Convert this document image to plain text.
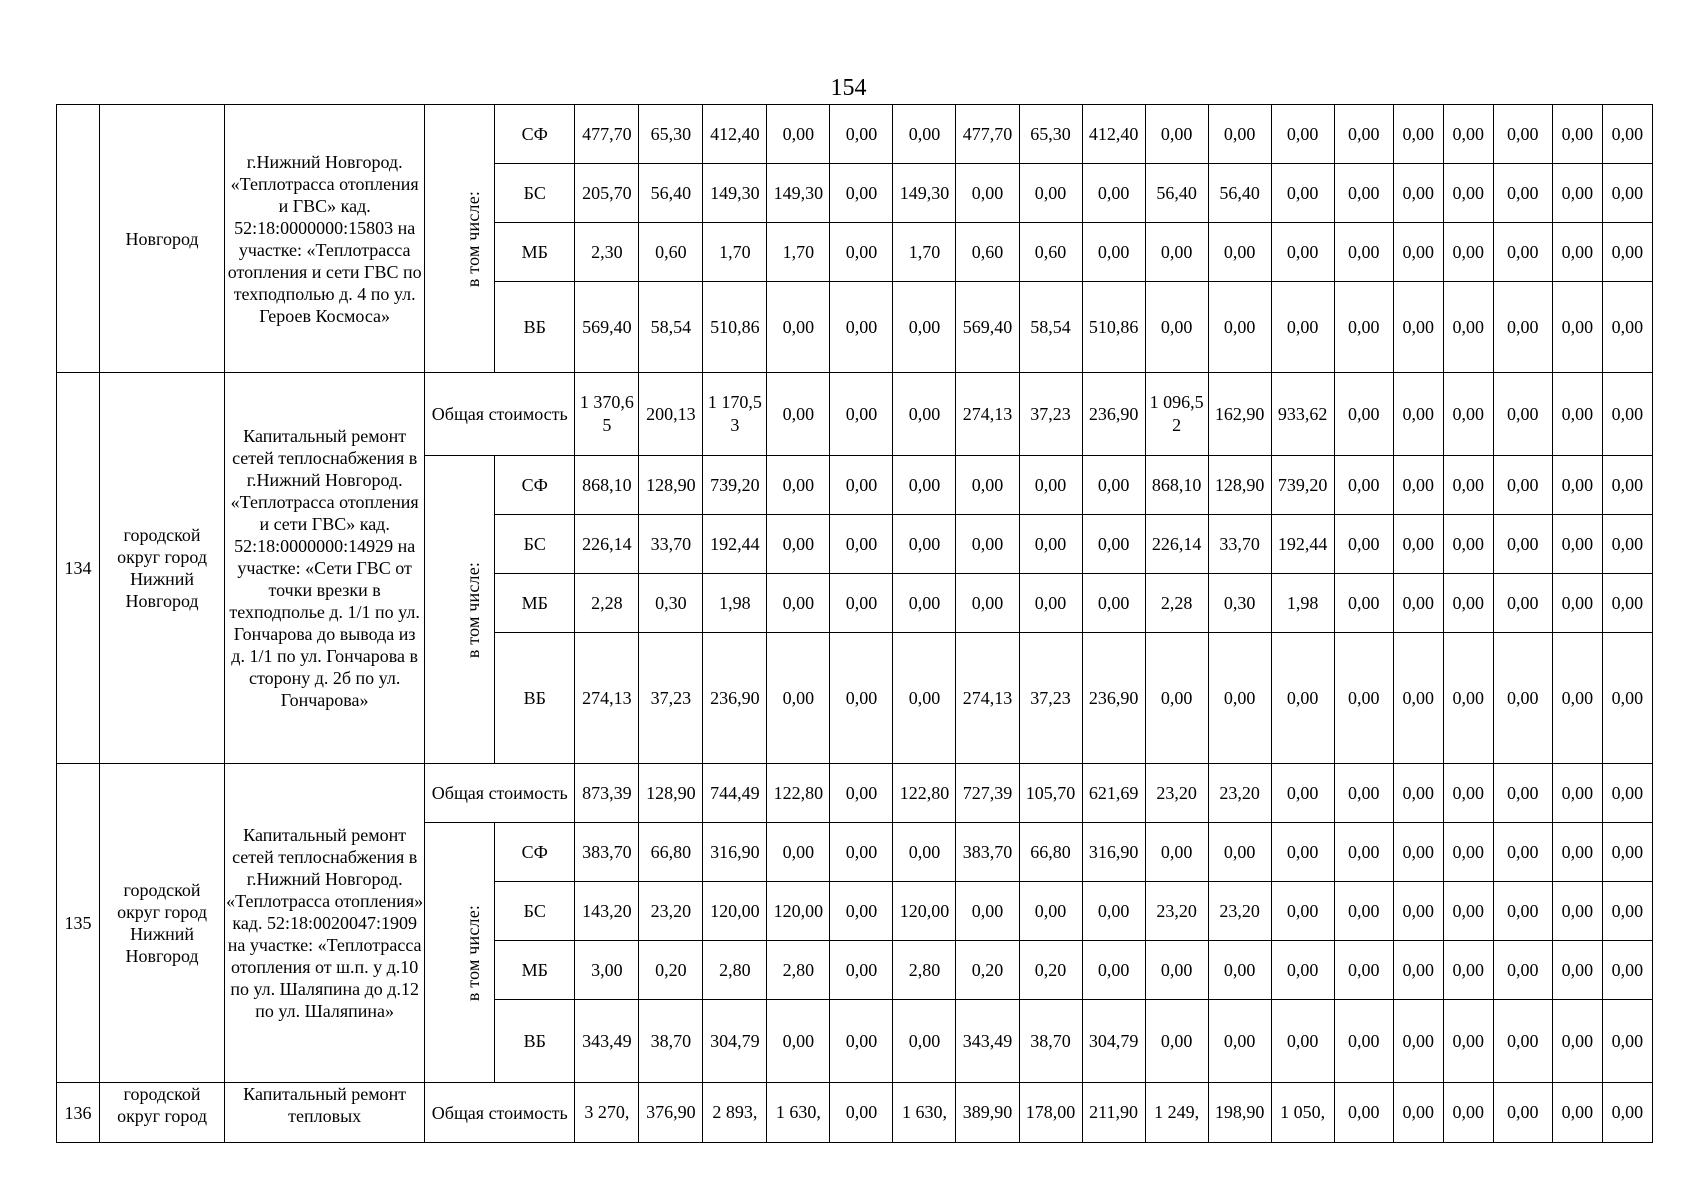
154
	Новгород	г.Нижний Новгород. «Теплотрасса отопления и ГВС» кад. 52:18:0000000:15803 на участке: «Теплотрасса отопления и сети ГВС по техподполью д. 4 по ул. Героев Космоса»	в том числе:	СФ	477,70	65,30	412,40	0,00	0,00	0,00	477,70	65,30	412,40	0,00	0,00	0,00	0,00	0,00	0,00	0,00	0,00	0,00

				БС	205,70	56,40	149,30	149,30	0,00	149,30	0,00	0,00	0,00	56,40	56,40	0,00	0,00	0,00	0,00	0,00	0,00	0,00

				МБ	2,30	0,60	1,70	1,70	0,00	1,70	0,60	0,60	0,00	0,00	0,00	0,00	0,00	0,00	0,00	0,00	0,00	0,00

				ВБ	569,40	58,54	510,86	0,00	0,00	0,00	569,40	58,54	510,86	0,00	0,00	0,00	0,00	0,00	0,00	0,00	0,00	0,00

134	городской округ город Нижний Новгород	Капитальный ремонт сетей теплоснабжения в г.Нижний Новгород. «Теплотрасса отопления и сети ГВС» кад. 52:18:0000000:14929 на участке: «Сети ГВС от точки врезки в техподполье д. 1/1 по ул. Гончарова до вывода из д. 1/1 по ул. Гончарова в сторону д. 2б по ул. Гончарова»	Общая стоимость		1 370,65	200,13	1 170,53	0,00	0,00	0,00	274,13	37,23	236,90	1 096,52	162,90	933,62	0,00	0,00	0,00	0,00	0,00	0,00

			в том числе:	СФ	868,10	128,90	739,20	0,00	0,00	0,00	0,00	0,00	0,00	868,10	128,90	739,20	0,00	0,00	0,00	0,00	0,00	0,00

				БС	226,14	33,70	192,44	0,00	0,00	0,00	0,00	0,00	0,00	226,14	33,70	192,44	0,00	0,00	0,00	0,00	0,00	0,00

				МБ	2,28	0,30	1,98	0,00	0,00	0,00	0,00	0,00	0,00	2,28	0,30	1,98	0,00	0,00	0,00	0,00	0,00	0,00

				ВБ	274,13	37,23	236,90	0,00	0,00	0,00	274,13	37,23	236,90	0,00	0,00	0,00	0,00	0,00	0,00	0,00	0,00	0,00

135	городской округ город Нижний Новгород	Капитальный ремонт сетей теплоснабжения в г.Нижний Новгород. «Теплотрасса отопления» кад. 52:18:0020047:1909 на участке: «Теплотрасса отопления от ш.п. у д.10 по ул. Шаляпина до д.12 по ул. Шаляпина»	Общая стоимость		873,39	128,90	744,49	122,80	0,00	122,80	727,39	105,70	621,69	23,20	23,20	0,00	0,00	0,00	0,00	0,00	0,00	0,00

			в том числе:	СФ	383,70	66,80	316,90	0,00	0,00	0,00	383,70	66,80	316,90	0,00	0,00	0,00	0,00	0,00	0,00	0,00	0,00	0,00

				БС	143,20	23,20	120,00	120,00	0,00	120,00	0,00	0,00	0,00	23,20	23,20	0,00	0,00	0,00	0,00	0,00	0,00	0,00

				МБ	3,00	0,20	2,80	2,80	0,00	2,80	0,20	0,20	0,00	0,00	0,00	0,00	0,00	0,00	0,00	0,00	0,00	0,00

				ВБ	343,49	38,70	304,79	0,00	0,00	0,00	343,49	38,70	304,79	0,00	0,00	0,00	0,00	0,00	0,00	0,00	0,00	0,00

136	городской округ город	Капитальный ремонт тепловых	Общая стоимость		3 270,	376,90	2 893,	1 630,	0,00	1 630,	389,90	178,00	211,90	1 249,	198,90	1 050,	0,00	0,00	0,00	0,00	0,00	0,00
